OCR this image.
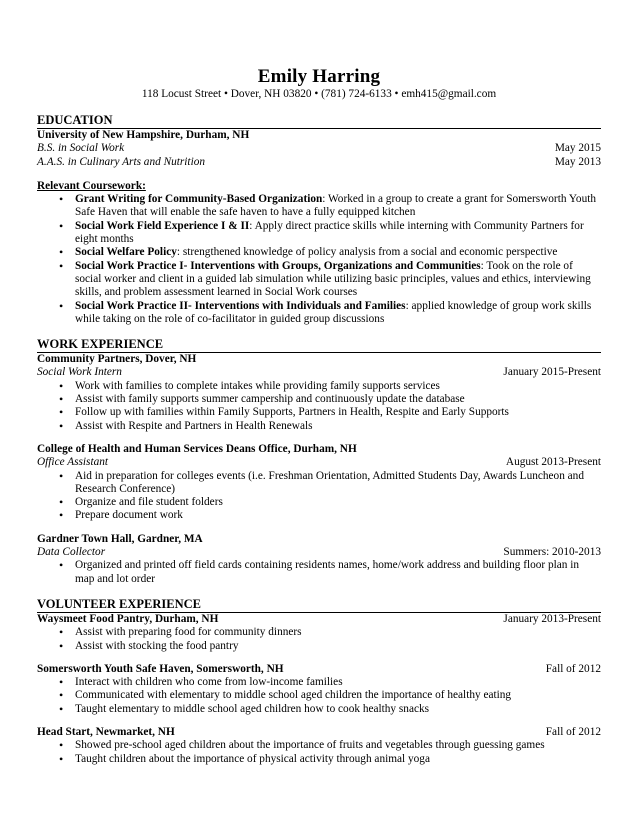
Emily Harring
118 Locust Street • Dover, NH 03820 • (781) 724-6133 • emh415@gmail.com
EDUCATION
University of New Hampshire, Durham, NH
B.S. in Social Work	May 2015
A.A.S. in Culinary Arts and Nutrition	May 2013
Relevant Coursework:
• Grant Writing for Community-Based Organization: Worked in a group to create a grant for Somersworth Youth Safe Haven that will enable the safe haven to have a fully equipped kitchen
• Social Work Field Experience I & II: Apply direct practice skills while interning with Community Partners for eight months
• Social Welfare Policy: strengthened knowledge of policy analysis from a social and economic perspective
• Social Work Practice I- Interventions with Groups, Organizations and Communities: Took on the role of social worker and client in a guided lab simulation while utilizing basic principles, values and ethics, interviewing skills, and problem assessment learned in Social Work courses
• Social Work Practice II- Interventions with Individuals and Families: applied knowledge of group work skills while taking on the role of co-facilitator in guided group discussions
WORK EXPERIENCE
Community Partners, Dover, NH
Social Work Intern	January 2015-Present
• Work with families to complete intakes while providing family supports services
• Assist with family supports summer campership and continuously update the database
• Follow up with families within Family Supports, Partners in Health, Respite and Early Supports
• Assist with Respite and Partners in Health Renewals
College of Health and Human Services Deans Office, Durham, NH
Office Assistant	August 2013-Present
• Aid in preparation for colleges events (i.e. Freshman Orientation, Admitted Students Day, Awards Luncheon and Research Conference)
• Organize and file student folders
• Prepare document work
Gardner Town Hall, Gardner, MA
Data Collector	Summers: 2010-2013
• Organized and printed off field cards containing residents names, home/work address and building floor plan in map and lot order
VOLUNTEER EXPERIENCE
Waysmeet Food Pantry, Durham, NH	January 2013-Present
• Assist with preparing food for community dinners
• Assist with stocking the food pantry
Somersworth Youth Safe Haven, Somersworth, NH	Fall of 2012
• Interact with children who come from low-income families
• Communicated with elementary to middle school aged children the importance of healthy eating
• Taught elementary to middle school aged children how to cook healthy snacks
Head Start, Newmarket, NH	Fall of 2012
• Showed pre-school aged children about the importance of fruits and vegetables through guessing games
• Taught children about the importance of physical activity through animal yoga
